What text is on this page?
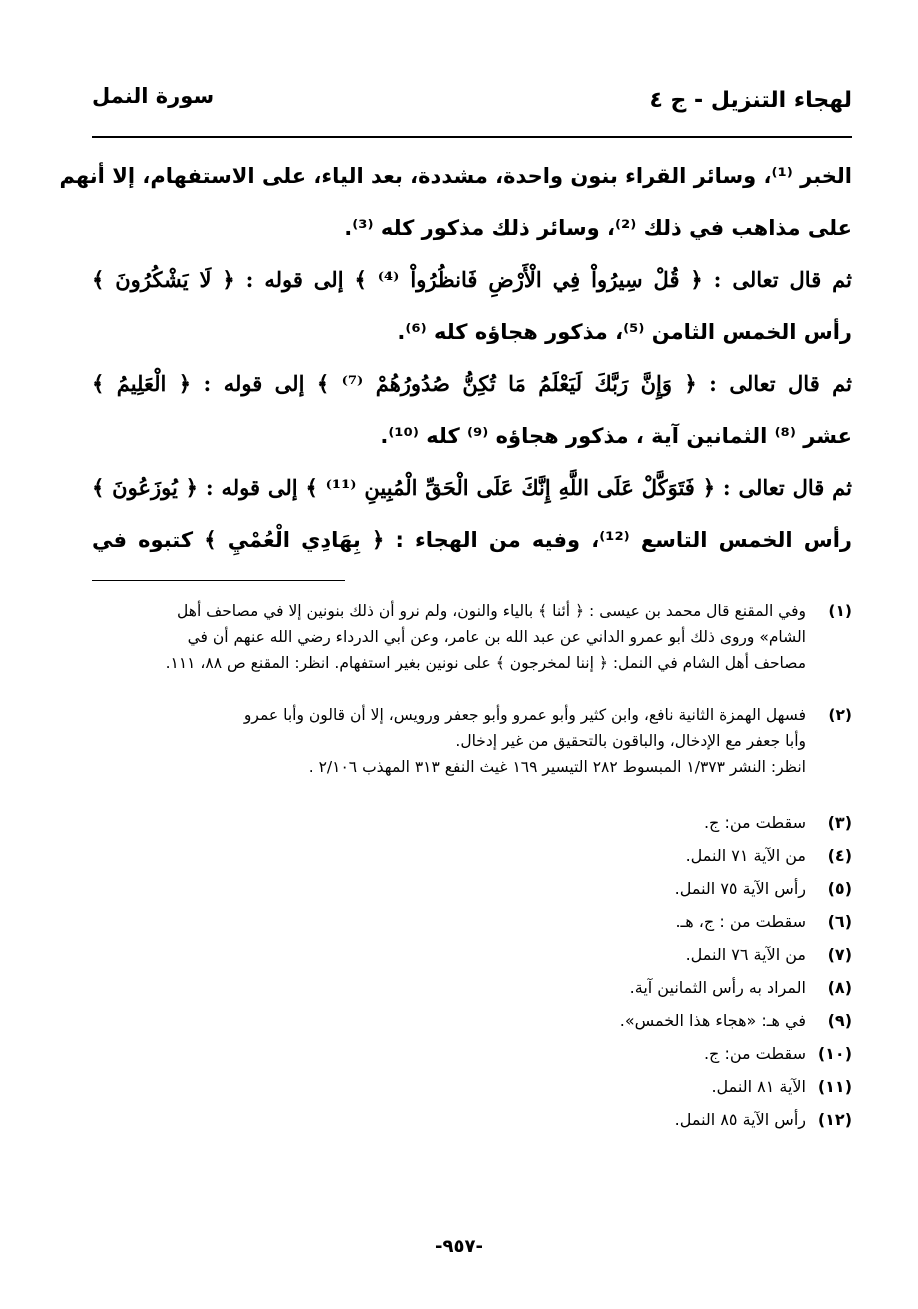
لهجاء التنزيل - ج ٤
سورة النمل
الخبر ⁽¹⁾، وسائر القراء بنون واحدة، مشددة، بعد الياء، على الاستفهام، إلا أنهم
على مذاهب في ذلك ⁽²⁾، وسائر ذلك مذكور كله ⁽³⁾.
ثم قال تعالى : ﴿ قُلْ سِيرُواْ فِي الْأَرْضِ فَانظُرُواْ ⁽⁴⁾ ﴾ إلى قوله : ﴿ لَا يَشْكُرُونَ ﴾
رأس الخمس الثامن ⁽⁵⁾، مذكور هجاؤه كله ⁽⁶⁾.
ثم قال تعالى : ﴿ وَإِنَّ رَبَّكَ لَيَعْلَمُ مَا تُكِنُّ صُدُورُهُمْ ⁽⁷⁾ ﴾ إلى قوله : ﴿ الْعَلِيمُ ﴾
عشر ⁽⁸⁾ الثمانين آية ، مذكور هجاؤه ⁽⁹⁾ كله ⁽¹⁰⁾.
ثم قال تعالى : ﴿ فَتَوَكَّلْ عَلَى اللَّهِ إِنَّكَ عَلَى الْحَقِّ الْمُبِينِ ⁽¹¹⁾ ﴾ إلى قوله : ﴿ يُوزَعُونَ ﴾
رأس الخمس التاسع ⁽¹²⁾، وفيه من الهجاء : ﴿ بِهَادِي الْعُمْيِ ﴾ كتبوه في
(١)
وفي المقنع قال محمد بن عيسى : ﴿ أئنا ﴾ بالياء والنون، ولم نرو أن ذلك بنونين إلا في مصاحف أهل
الشام» وروى ذلك أبو عمرو الداني عن عبد الله بن عامر، وعن أبي الدرداء رضي الله عنهم أن في
مصاحف أهل الشام في النمل: ﴿ إننا لمخرجون ﴾ على نونين بغير استفهام. انظر: المقنع ص ٨٨، ١١١.
(٢)
فسهل الهمزة الثانية نافع، وابن كثير وأبو عمرو وأبو جعفر ورويس، إلا أن قالون وأبا عمرو
وأبا جعفر مع الإدخال، والباقون بالتحقيق من غير إدخال.
انظر: النشر ١/٣٧٣ المبسوط ٢٨٢ التيسير ١٦٩ غيث النفع ٣١٣ المهذب ٢/١٠٦ .
(٣)
سقطت من: ج.
(٤)
من الآية ٧١ النمل.
(٥)
رأس الآية ٧٥ النمل.
(٦)
سقطت من : ج، هـ.
(٧)
من الآية ٧٦ النمل.
(٨)
المراد به رأس الثمانين آية.
(٩)
في هـ: «هجاء هذا الخمس».
(١٠)
سقطت من: ج.
(١١)
الآية ٨١ النمل.
(١٢)
رأس الآية ٨٥ النمل.
-٩٥٧-
